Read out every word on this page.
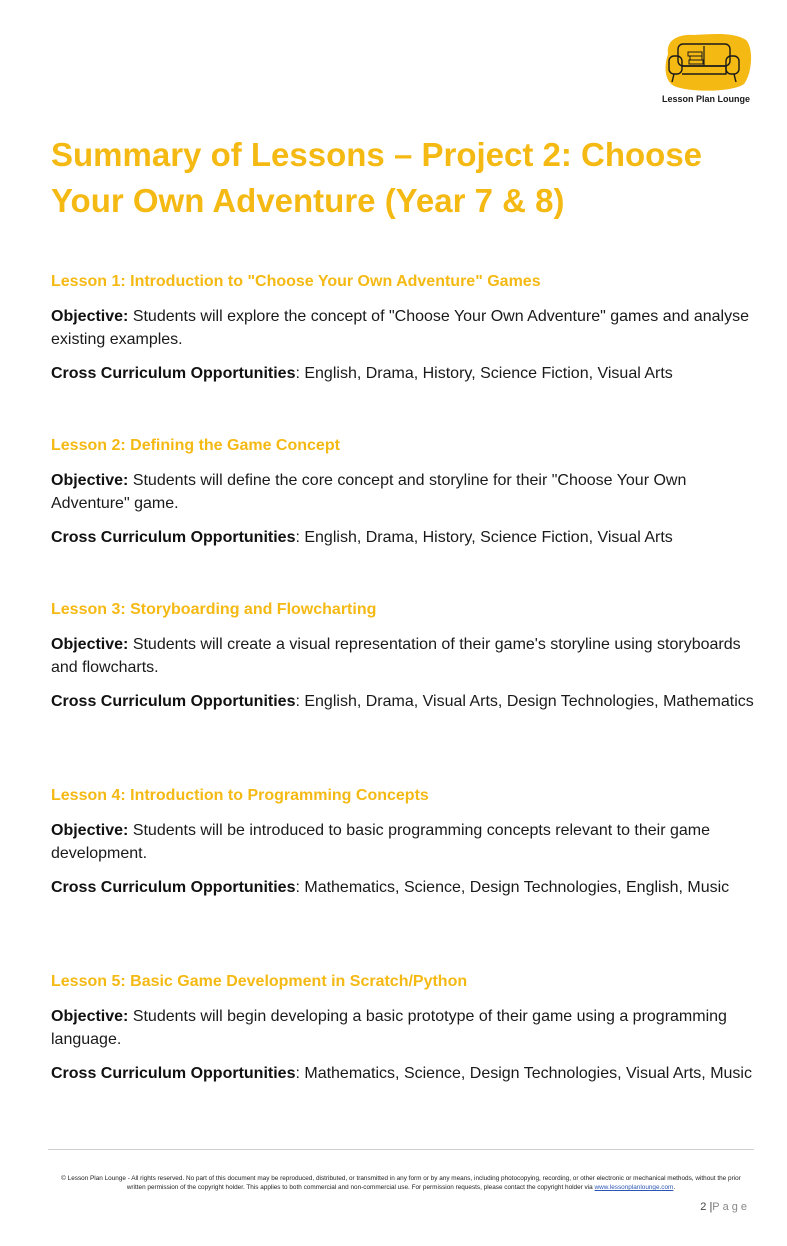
Lesson Plan Lounge
Summary of Lessons – Project 2: Choose Your Own Adventure (Year 7 & 8)
Lesson 1: Introduction to "Choose Your Own Adventure" Games

Objective: Students will explore the concept of "Choose Your Own Adventure" games and analyse existing examples.

Cross Curriculum Opportunities: English, Drama, History, Science Fiction, Visual Arts

Lesson 2: Defining the Game Concept

Objective: Students will define the core concept and storyline for their "Choose Your Own Adventure" game.

Cross Curriculum Opportunities: English, Drama, History, Science Fiction, Visual Arts

Lesson 3: Storyboarding and Flowcharting

Objective: Students will create a visual representation of their game's storyline using storyboards and flowcharts.

Cross Curriculum Opportunities: English, Drama, Visual Arts, Design Technologies, Mathematics

Lesson 4: Introduction to Programming Concepts

Objective: Students will be introduced to basic programming concepts relevant to their game development.

Cross Curriculum Opportunities: Mathematics, Science, Design Technologies, English, Music

Lesson 5: Basic Game Development in Scratch/Python

Objective: Students will begin developing a basic prototype of their game using a programming language.

Cross Curriculum Opportunities: Mathematics, Science, Design Technologies, Visual Arts, Music

© Lesson Plan Lounge - All rights reserved. No part of this document may be reproduced, distributed, or transmitted in any form or by any means, including photocopying, recording, or other electronic or mechanical methods, without the prior written permission of the copyright holder. This applies to both commercial and non-commercial use. For permission requests, please contact the copyright holder via www.lessonplanlounge.com.
2 |Page
